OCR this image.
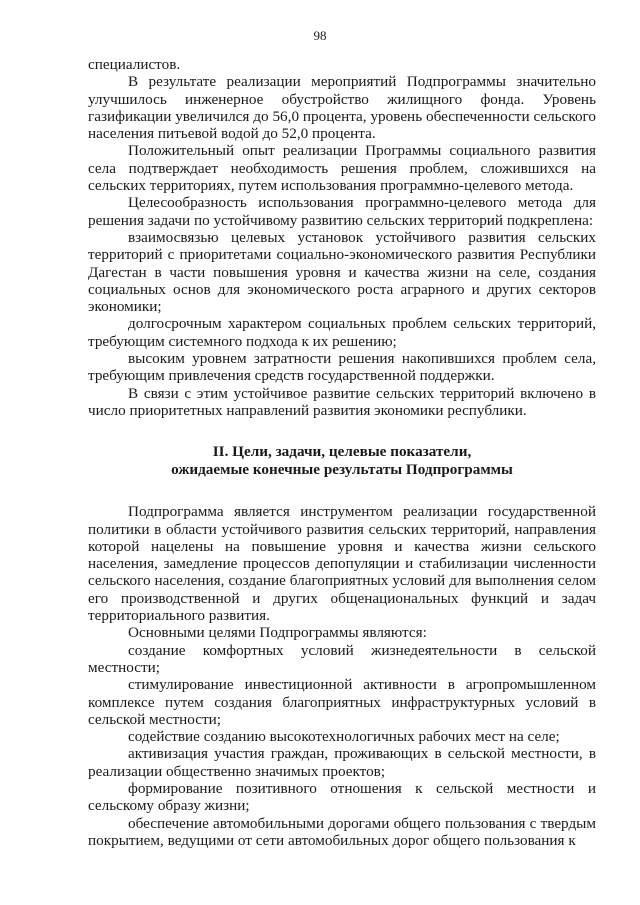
98

специалистов.

В результате реализации мероприятий Подпрограммы значительно улучшилось инженерное обустройство жилищного фонда. Уровень газификации увеличился до 56,0 процента, уровень обеспеченности сельского населения питьевой водой до 52,0 процента.

Положительный опыт реализации Программы социального развития села подтверждает необходимость решения проблем, сложившихся на сельских территориях, путем использования программно-целевого метода.

Целесообразность использования программно-целевого метода для решения задачи по устойчивому развитию сельских территорий подкреплена:

взаимосвязью целевых установок устойчивого развития сельских территорий с приоритетами социально-экономического развития Республики Дагестан в части повышения уровня и качества жизни на селе, создания социальных основ для экономического роста аграрного и других секторов экономики;

долгосрочным характером социальных проблем сельских территорий, требующим системного подхода к их решению;

высоким уровнем затратности решения накопившихся проблем села, требующим привлечения средств государственной поддержки.

В связи с этим устойчивое развитие сельских территорий включено в число приоритетных направлений развития экономики республики.

II. Цели, задачи, целевые показатели,
ожидаемые конечные результаты Подпрограммы

Подпрограмма является инструментом реализации государственной политики в области устойчивого развития сельских территорий, направления которой нацелены на повышение уровня и качества жизни сельского населения, замедление процессов депопуляции и стабилизации численности сельского населения, создание благоприятных условий для выполнения селом его производственной и других общенациональных функций и задач территориального развития.

Основными целями Подпрограммы являются:

создание комфортных условий жизнедеятельности в сельской местности;

стимулирование инвестиционной активности в агропромышленном комплексе путем создания благоприятных инфраструктурных условий в сельской местности;

содействие созданию высокотехнологичных рабочих мест на селе;

активизация участия граждан, проживающих в сельской местности, в реализации общественно значимых проектов;

формирование позитивного отношения к сельской местности и сельскому образу жизни;

обеспечение автомобильными дорогами общего пользования с твердым покрытием, ведущими от сети автомобильных дорог общего пользования к
